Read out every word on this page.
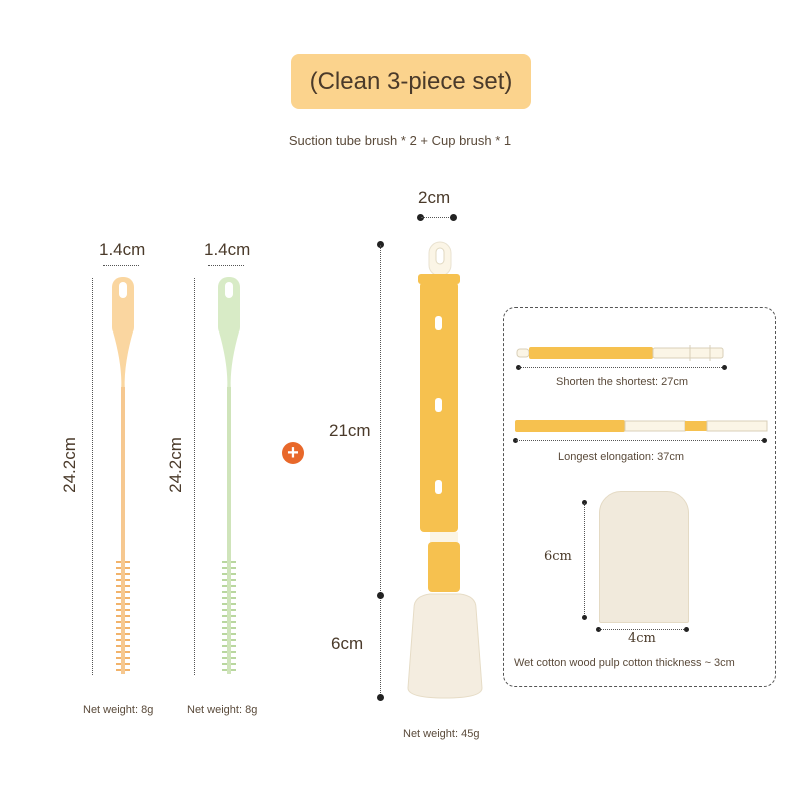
(Clean 3-piece set)
Suction tube brush * 2 + Cup brush * 1
1.4cm
24.2cm
Net weight: 8g
1.4cm
24.2cm
Net weight: 8g
+
2cm
21cm
6cm
Net weight: 45g
Shorten the shortest: 27cm
Longest elongation: 37cm
6cm
4cm
Wet cotton wood pulp cotton thickness ~ 3cm
